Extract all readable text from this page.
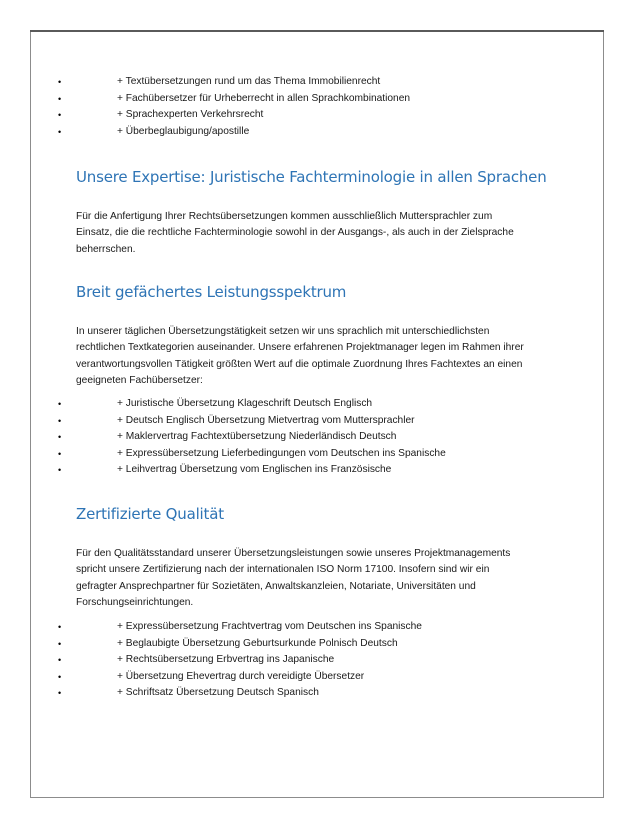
•	+ Textübersetzungen rund um das Thema Immobilienrecht
•	+ Fachübersetzer für Urheberrecht in allen Sprachkombinationen
•	+ Sprachexperten Verkehrsrecht
•	+ Überbeglaubigung/apostille
Unsere Expertise: Juristische Fachterminologie in allen Sprachen

Für die Anfertigung Ihrer Rechtsübersetzungen kommen ausschließlich Muttersprachler zum
Einsatz, die die rechtliche Fachterminologie sowohl in der Ausgangs-, als auch in der Zielsprache
beherrschen.

Breit gefächertes Leistungsspektrum

In unserer täglichen Übersetzungstätigkeit setzen wir uns sprachlich mit unterschiedlichsten
rechtlichen Textkategorien auseinander. Unsere erfahrenen Projektmanager legen im Rahmen ihrer
verantwortungsvollen Tätigkeit größten Wert auf die optimale Zuordnung Ihres Fachtextes an einen
geeigneten Fachübersetzer:

•	+ Juristische Übersetzung Klageschrift Deutsch Englisch
•	+ Deutsch Englisch Übersetzung Mietvertrag vom Muttersprachler
•	+ Maklervertrag Fachtextübersetzung Niederländisch Deutsch
•	+ Expressübersetzung Lieferbedingungen vom Deutschen ins Spanische
•	+ Leihvertrag Übersetzung vom Englischen ins Französische
Zertifizierte Qualität

Für den Qualitätsstandard unserer Übersetzungsleistungen sowie unseres Projektmanagements
spricht unsere Zertifizierung nach der internationalen ISO Norm 17100. Insofern sind wir ein
gefragter Ansprechpartner für Sozietäten, Anwaltskanzleien, Notariate, Universitäten und
Forschungseinrichtungen.

•	+ Expressübersetzung Frachtvertrag vom Deutschen ins Spanische
•	+ Beglaubigte Übersetzung Geburtsurkunde Polnisch Deutsch
•	+ Rechtsübersetzung Erbvertrag ins Japanische
•	+ Übersetzung Ehevertrag durch vereidigte Übersetzer
•	+ Schriftsatz Übersetzung Deutsch Spanisch
